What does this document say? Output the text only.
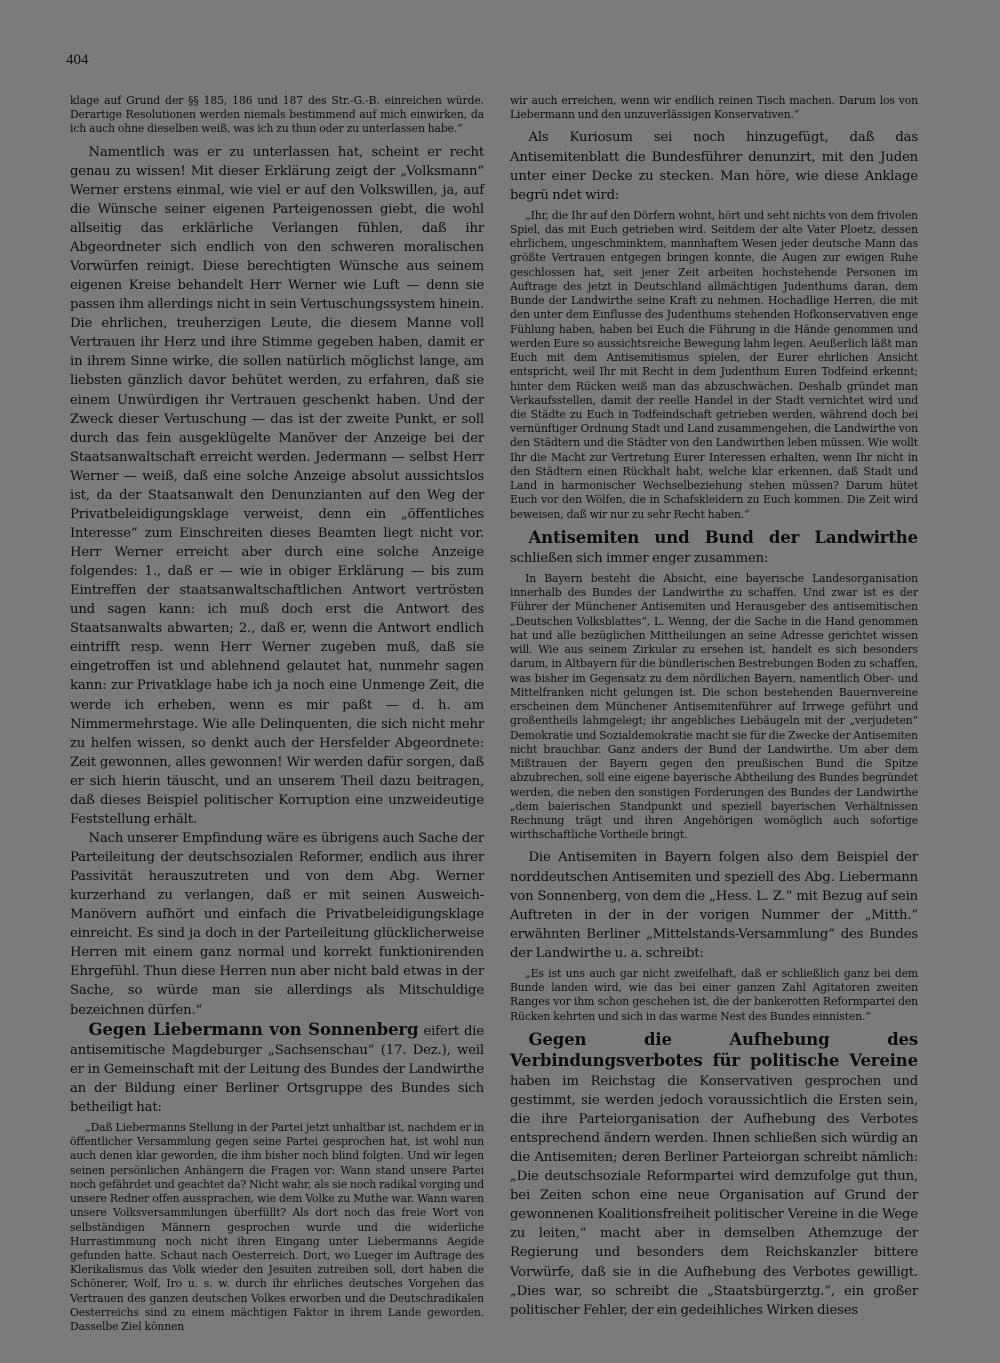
404

klage auf Grund der §§ 185, 186 und 187 des Str.-G.-B. einreichen würde. Derartige Resolutionen werden niemals bestimmend auf mich einwirken, da ich auch ohne dieselben weiß, was ich zu thun oder zu unterlassen habe.“

Namentlich was er zu unterlassen hat, scheint er recht genau zu wissen! Mit dieser Erklärung zeigt der „Volksmann“ Werner erstens einmal, wie viel er auf den Volkswillen, ja, auf die Wünsche seiner eigenen Parteigenossen giebt, die wohl allseitig das erklärliche Verlangen fühlen, daß ihr Abgeordneter sich endlich von den schweren moralischen Vorwürfen reinigt. Diese berechtigten Wünsche aus seinem eigenen Kreise behandelt Herr Werner wie Luft — denn sie passen ihm allerdings nicht in sein Vertuschungssystem hinein. Die ehrlichen, treuherzigen Leute, die diesem Manne voll Vertrauen ihr Herz und ihre Stimme gegeben haben, damit er in ihrem Sinne wirke, die sollen natürlich möglichst lange, am liebsten gänzlich davor behütet werden, zu erfahren, daß sie einem Unwürdigen ihr Vertrauen geschenkt haben. Und der Zweck dieser Vertuschung — das ist der zweite Punkt, er soll durch das fein ausgeklügelte Manöver der Anzeige bei der Staatsanwaltschaft erreicht werden. Jedermann — selbst Herr Werner — weiß, daß eine solche Anzeige absolut aussichtslos ist, da der Staatsanwalt den Denunzianten auf den Weg der Privatbeleidigungsklage verweist, denn ein „öffentliches Interesse“ zum Einschreiten dieses Beamten liegt nicht vor. Herr Werner erreicht aber durch eine solche Anzeige folgendes: 1., daß er — wie in obiger Erklärung — bis zum Eintreffen der staatsanwaltschaftlichen Antwort vertrösten und sagen kann: ich muß doch erst die Antwort des Staatsanwalts abwarten; 2., daß er, wenn die Antwort endlich eintrifft resp. wenn Herr Werner zugeben muß, daß sie eingetroffen ist und ablehnend gelautet hat, nunmehr sagen kann: zur Privatklage habe ich ja noch eine Unmenge Zeit, die werde ich erheben, wenn es mir paßt — d. h. am Nimmermehrstage. Wie alle Delinquenten, die sich nicht mehr zu helfen wissen, so denkt auch der Hersfelder Abgeordnete: Zeit gewonnen, alles gewonnen! Wir werden dafür sorgen, daß er sich hierin täuscht, und an unserem Theil dazu beitragen, daß dieses Beispiel politischer Korruption eine unzweideutige Feststellung erhält.

Nach unserer Empfindung wäre es übrigens auch Sache der Parteileitung der deutschsozialen Reformer, endlich aus ihrer Passivität herauszutreten und von dem Abg. Werner kurzerhand zu verlangen, daß er mit seinen Ausweich-Manövern aufhört und einfach die Privatbeleidigungsklage einreicht. Es sind ja doch in der Parteileitung glücklicherweise Herren mit einem ganz normal und korrekt funktionirenden Ehrgefühl. Thun diese Herren nun aber nicht bald etwas in der Sache, so würde man sie allerdings als Mitschuldige bezeichnen dürfen.“

Gegen Liebermann von Sonnenberg eifert die antisemitische Magdeburger „Sachsenschau“ (17. Dez.), weil er in Gemeinschaft mit der Leitung des Bundes der Landwirthe an der Bildung einer Berliner Ortsgruppe des Bundes sich betheiligt hat:

„Daß Liebermanns Stellung in der Partei jetzt unhaltbar ist, nachdem er in öffentlicher Versammlung gegen seine Partei gesprochen hat, ist wohl nun auch denen klar geworden, die ihm bisher noch blind folgten. Und wir legen seinen persönlichen Anhängern die Fragen vor: Wann stand unsere Partei noch gefährdet und geachtet da? Nicht wahr, als sie noch radikal vorging und unsere Redner offen aussprachen, wie dem Volke zu Muthe war. Wann waren unsere Volksversammlungen überfüllt? Als dort noch das freie Wort von selbständigen Männern gesprochen wurde und die widerliche Hurrastimmung noch nicht ihren Eingang unter Liebermanns Aegide gefunden hatte. Schaut nach Oesterreich. Dort, wo Lueger im Auftrage des Klerikalismus das Volk wieder den Jesuiten zutreiben soll, dort haben die Schönerer, Wolf, Iro u. s. w. durch ihr ehrliches deutsches Vorgehen das Vertrauen des ganzen deutschen Volkes erworben und die Deutschradikalen Oesterreichs sind zu einem mächtigen Faktor in ihrem Lande geworden. Dasselbe Ziel können

wir auch erreichen, wenn wir endlich reinen Tisch machen. Darum los von Liebermann und den unzuverlässigen Konservativen.“

Als Kuriosum sei noch hinzugefügt, daß das Antisemitenblatt die Bundesführer denunzirt, mit den Juden unter einer Decke zu stecken. Man höre, wie diese Anklage begrü ndet wird:

„Ihr, die Ihr auf den Dörfern wohnt, hört und seht nichts von dem frivolen Spiel, das mit Euch getrieben wird. Seitdem der alte Vater Ploetz, dessen ehrlichem, ungeschminktem, mannhaftem Wesen jeder deutsche Mann das größte Vertrauen entgegen bringen konnte, die Augen zur ewigen Ruhe geschlossen hat, seit jener Zeit arbeiten hochstehende Personen im Auftrage des jetzt in Deutschland allmächtigen Judenthums daran, dem Bunde der Landwirthe seine Kraft zu nehmen. Hochadlige Herren, die mit den unter dem Einflusse des Judenthums stehenden Hofkonservativen enge Fühlung haben, haben bei Euch die Führung in die Hände genommen und werden Eure so aussichtsreiche Bewegung lahm legen. Aeußerlich läßt man Euch mit dem Antisemitismus spielen, der Eurer ehrlichen Ansicht entspricht, weil Ihr mit Recht in dem Judenthum Euren Todfeind erkennt; hinter dem Rücken weiß man das abzuschwächen. Deshalb gründet man Verkaufsstellen, damit der reelle Handel in der Stadt vernichtet wird und die Städte zu Euch in Todfeindschaft getrieben werden, während doch bei vernünftiger Ordnung Stadt und Land zusammengehen, die Landwirthe von den Städtern und die Städter von den Landwirthen leben müssen. Wie wollt Ihr die Macht zur Vertretung Eurer Interessen erhalten, wenn Ihr nicht in den Städtern einen Rückhalt habt, welche klar erkennen, daß Stadt und Land in harmonischer Wechselbeziehung stehen müssen? Darum hütet Euch vor den Wölfen, die in Schafskleidern zu Euch kommen. Die Zeit wird beweisen, daß wir nur zu sehr Recht haben.“

Antisemiten und Bund der Landwirthe schließen sich immer enger zusammen:

In Bayern besteht die Absicht, eine bayerische Landesorganisation innerhalb des Bundes der Landwirthe zu schaffen. Und zwar ist es der Führer der Münchener Antisemiten und Herausgeber des antisemitischen „Deutschen Volksblattes“, L. Wenng, der die Sache in die Hand genommen hat und alle bezüglichen Mittheilungen an seine Adresse gerichtet wissen will. Wie aus seinem Zirkular zu ersehen ist, handelt es sich besonders darum, in Altbayern für die bündlerischen Bestrebungen Boden zu schaffen, was bisher im Gegensatz zu dem nördlichen Bayern, namentlich Ober- und Mittelfranken nicht gelungen ist. Die schon bestehenden Bauernvereine erscheinen dem Münchener Antisemitenführer auf Irrwege geführt und großentheils lahmgelegt; ihr angebliches Liebäugeln mit der „verjudeten“ Demokratie und Sozialdemokratie macht sie für die Zwecke der Antisemiten nicht brauchbar. Ganz anders der Bund der Landwirthe. Um aber dem Mißtrauen der Bayern gegen den preußischen Bund die Spitze abzubrechen, soll eine eigene bayerische Abtheilung des Bundes begründet werden, die neben den sonstigen Forderungen des Bundes der Landwirthe „dem baierischen Standpunkt und speziell bayerischen Verhältnissen Rechnung trägt und ihren Angehörigen womöglich auch sofortige wirthschaftliche Vortheile bringt.

Die Antisemiten in Bayern folgen also dem Beispiel der norddeutschen Antisemiten und speziell des Abg. Liebermann von Sonnenberg, von dem die „Hess. L. Z.“ mit Bezug auf sein Auftreten in der in der vorigen Nummer der „Mitth.“ erwähnten Berliner „Mittelstands-Versammlung“ des Bundes der Landwirthe u. a. schreibt:

„Es ist uns auch gar nicht zweifelhaft, daß er schließlich ganz bei dem Bunde landen wird, wie das bei einer ganzen Zahl Agitatoren zweiten Ranges vor ihm schon geschehen ist, die der bankerotten Reformpartei den Rücken kehrten und sich in das warme Nest des Bundes einnisten.“

Gegen die Aufhebung des Verbindungsverbotes für politische Vereine haben im Reichstag die Konservativen gesprochen und gestimmt, sie werden jedoch voraussichtlich die Ersten sein, die ihre Parteiorganisation der Aufhebung des Verbotes entsprechend ändern werden. Ihnen schließen sich würdig an die Antisemiten; deren Berliner Parteiorgan schreibt nämlich: „Die deutschsoziale Reformpartei wird demzufolge gut thun, bei Zeiten schon eine neue Organisation auf Grund der gewonnenen Koalitionsfreiheit politischer Vereine in die Wege zu leiten,“ macht aber in demselben Athemzuge der Regierung und besonders dem Reichskanzler bittere Vorwürfe, daß sie in die Aufhebung des Verbotes gewilligt. „Dies war, so schreibt die „Staatsbürgerztg.“, ein großer politischer Fehler, der ein gedeihliches Wirken dieses
